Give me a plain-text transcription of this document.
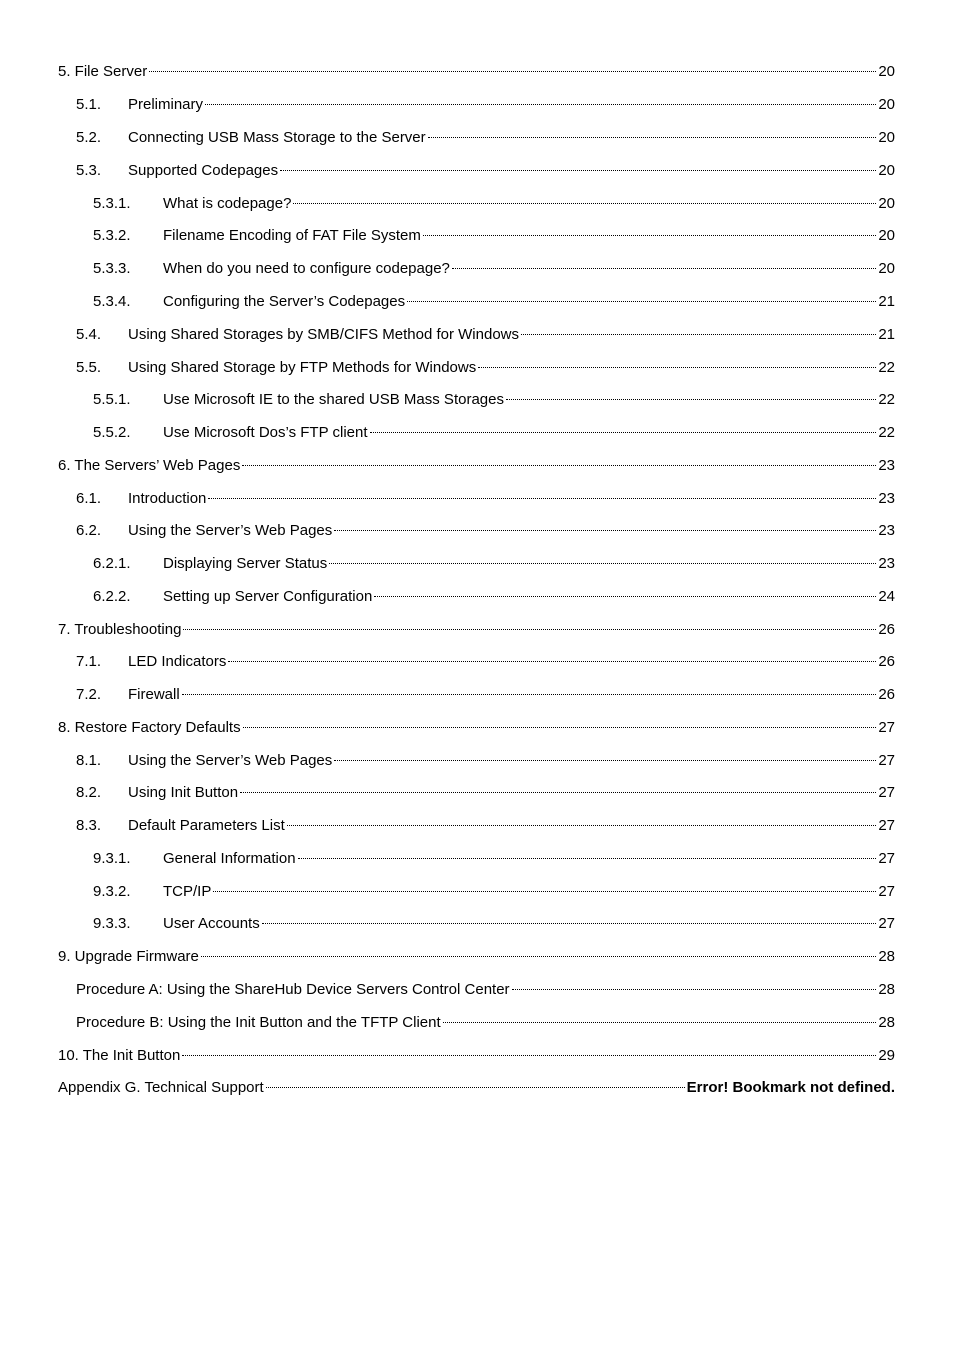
5. File Server	20
5.1.	Preliminary	20
5.2.	Connecting USB Mass Storage to the Server	20
5.3.	Supported Codepages	20
5.3.1.	What is codepage?	20
5.3.2.	Filename Encoding of FAT File System	20
5.3.3.	When do you need to configure codepage?	20
5.3.4.	Configuring the Server’s Codepages	21
5.4.	Using Shared Storages by SMB/CIFS Method for Windows	21
5.5.	Using Shared Storage by FTP Methods for Windows	22
5.5.1.	Use Microsoft IE to the shared USB Mass Storages	22
5.5.2.	Use Microsoft Dos’s FTP client	22
6. The Servers’ Web Pages	23
6.1.	Introduction	23
6.2.	Using the Server’s Web Pages	23
6.2.1.	Displaying Server Status	23
6.2.2.	Setting up Server Configuration	24
7. Troubleshooting	26
7.1.	LED Indicators	26
7.2.	Firewall	26
8. Restore Factory Defaults	27
8.1.	Using the Server’s Web Pages	27
8.2.	Using Init Button	27
8.3.	Default Parameters List	27
9.3.1.	General Information	27
9.3.2.	TCP/IP	27
9.3.3.	User Accounts	27
9. Upgrade Firmware	28
Procedure A: Using the ShareHub Device Servers Control Center	28
Procedure B: Using the Init Button and the TFTP Client	28
10. The Init Button	29
Appendix G. Technical Support	Error! Bookmark not defined.
